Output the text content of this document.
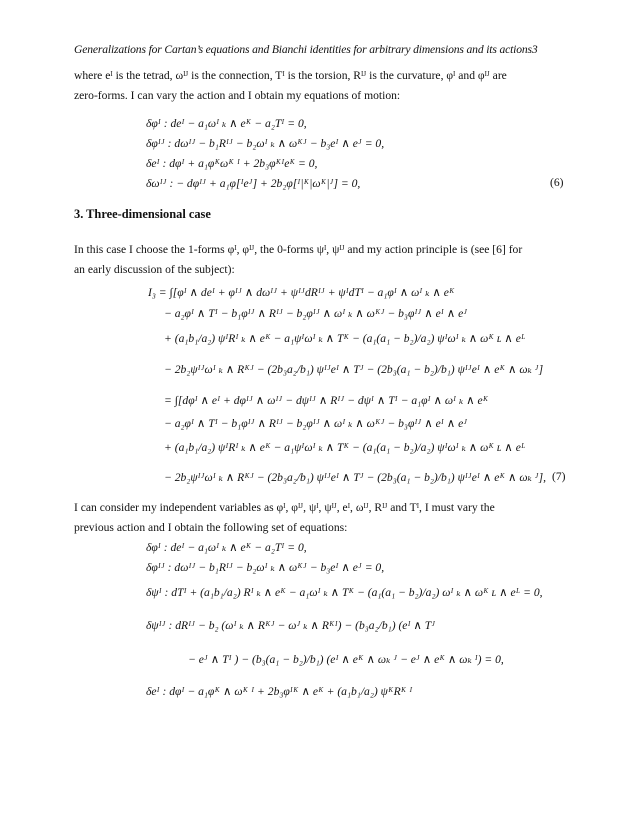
Generalizations for Cartan’s equations and Bianchi identities for arbitrary dimensions and its actions3
where eᴵ is the tetrad, ωᴵᴶ is the connection, Tᴵ is the torsion, Rᴵᴶ is the curvature, φᴵ and φᴵᴶ are
zero-forms. I can vary the action and I obtain my equations of motion:
δφᴵ : deᴵ − a₁ωᴵ ₖ ∧ eᴷ − a₂Tᴵ = 0,
δφᴵᴶ : dωᴵᴶ − b₁Rᴵᴶ − b₂ωᴵ ₖ ∧ ωᴷᴶ − b₃eᴵ ∧ eᴶ = 0,
δeᴵ : dφᴵ + a₁φᴷωᴷ ᴵ + 2b₃φᴷᴵeᴷ = 0,
δωᴵᴶ : − dφᴵᴶ + a₁φ[ᴵeᴶ] + 2b₂φ[ᴵ|ᴷ|ωᴷ|ᴶ] = 0,	(6)
3. Three-dimensional case
In this case I choose the 1-forms φᴵ, φᴵᴶ, the 0-forms ψᴵ, ψᴵᴶ and my action principle is (see [6] for
an early discussion of the subject):
I₃ = ∫[φᴵ ∧ deᴵ + φᴵᴶ ∧ dωᴵᴶ + ψᴵᴶdRᴵᴶ + ψᴵdTᴵ − a₁φᴵ ∧ ωᴵ ₖ ∧ eᴷ
− a₂φᴵ ∧ Tᴵ − b₁φᴵᴶ ∧ Rᴵᴶ − b₂φᴵᴶ ∧ ωᴵ ₖ ∧ ωᴷᴶ − b₃φᴵᴶ ∧ eᴵ ∧ eᴶ
+ (a₁b₁/a₂) ψᴵRᴵ ₖ ∧ eᴷ − a₁ψᴵωᴵ ₖ ∧ Tᴷ − (a₁(a₁ − b₂)/a₂) ψᴵωᴵ ₖ ∧ ωᴷ ʟ ∧ eᴸ
− 2b₂ψᴵᴶωᴵ ₖ ∧ Rᴷᴶ − (2b₃a₂/b₁) ψᴵᴶeᴵ ∧ Tᴶ − (2b₃(a₁ − b₂)/b₁) ψᴵᴶeᴵ ∧ eᴷ ∧ ωₖ ᴶ]
= ∫[dφᴵ ∧ eᴵ + dφᴵᴶ ∧ ωᴵᴶ − dψᴵᴶ ∧ Rᴵᴶ − dψᴵ ∧ Tᴵ − a₁φᴵ ∧ ωᴵ ₖ ∧ eᴷ
− a₂φᴵ ∧ Tᴵ − b₁φᴵᴶ ∧ Rᴵᴶ − b₂φᴵᴶ ∧ ωᴵ ₖ ∧ ωᴷᴶ − b₃φᴵᴶ ∧ eᴵ ∧ eᴶ
+ (a₁b₁/a₂) ψᴵRᴵ ₖ ∧ eᴷ − a₁ψᴵωᴵ ₖ ∧ Tᴷ − (a₁(a₁ − b₂)/a₂) ψᴵωᴵ ₖ ∧ ωᴷ ʟ ∧ eᴸ
− 2b₂ψᴵᴶωᴵ ₖ ∧ Rᴷᴶ − (2b₃a₂/b₁) ψᴵᴶeᴵ ∧ Tᴶ − (2b₃(a₁ − b₂)/b₁) ψᴵᴶeᴵ ∧ eᴷ ∧ ωₖ ᴶ], (7)
I can consider my independent variables as φᴵ, φᴵᴶ, ψᴵ, ψᴵᴶ, eᴵ, ωᴵᴶ, Rᴵᴶ and Tᴵ, I must vary the
previous action and I obtain the following set of equations:
δφᴵ : deᴵ − a₁ωᴵ ₖ ∧ eᴷ − a₂Tᴵ = 0,
δφᴵᴶ : dωᴵᴶ − b₁Rᴵᴶ − b₂ωᴵ ₖ ∧ ωᴷᴶ − b₃eᴵ ∧ eᴶ = 0,
δψᴵ : dTᴵ + (a₁b₁/a₂) Rᴵ ₖ ∧ eᴷ − a₁ωᴵ ₖ ∧ Tᴷ − (a₁(a₁ − b₂)/a₂) ωᴵ ₖ ∧ ωᴷ ʟ ∧ eᴸ = 0,
δψᴵᴶ : dRᴵᴶ − b₂ (ωᴵ ₖ ∧ Rᴷᴶ − ωᴶ ₖ ∧ Rᴷᴵ) − (b₃a₂/b₁) (eᴵ ∧ Tᴶ
− eᴶ ∧ Tᴵ ) − (b₃(a₁ − b₂)/b₁) (eᴵ ∧ eᴷ ∧ ωₖ ᴶ − eᴶ ∧ eᴷ ∧ ωₖ ᴵ) = 0,
δeᴵ : dφᴵ − a₁φᴷ ∧ ωᴷ ᴵ + 2b₃φᴵᴷ ∧ eᴷ + (a₁b₁/a₂) ψᴷRᴷ ᴵ
